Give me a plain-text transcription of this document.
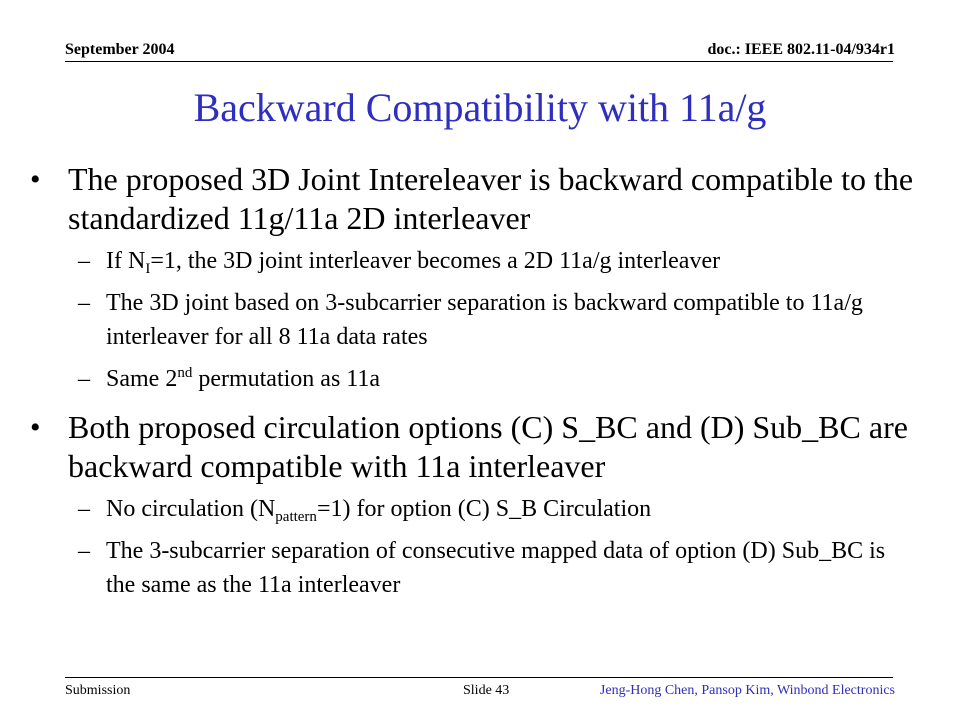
September 2004	doc.: IEEE 802.11-04/934r1
Backward Compatibility with 11a/g
• The proposed 3D Joint Intereleaver is backward compatible to the standardized 11g/11a 2D interleaver
– If $N_I=1$, the 3D joint interleaver becomes a 2D 11a/g interleaver
– The 3D joint based on 3-subcarrier separation is backward compatible to 11a/g interleaver for all 8 11a data rates
– Same 2nd permutation as 11a
• Both proposed circulation options (C) S_BC and (D) Sub_BC are backward compatible with 11a interleaver
– No circulation $(N_{pattern}=1)$ for option (C) S_B Circulation
– The 3-subcarrier separation of consecutive mapped data of option (D) Sub_BC is the same as the 11a interleaver
Submission	Slide 43	Jeng-Hong Chen, Pansop Kim, Winbond Electronics
